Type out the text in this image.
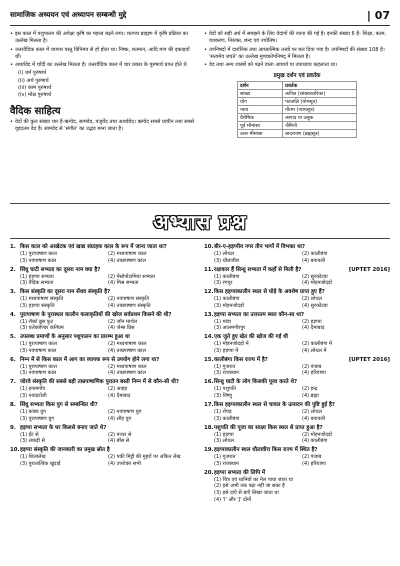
सामाजिक अध्ययन एवं अध्यापन सम्बन्धी मुद्दे	| 07

• इस काल में पशुपालन की अपेक्षा कृषि का महत्त्व बढ़ने लगा। शतपथ ब्राह्मण में कृषि प्रक्रिया का उल्लेख मिलता है।

• उत्तरवैदिक काल में व्यापार वस्तु विनिमय से हो होता था। निष्क, शतमान, आदि माप की इकाइयाँ थीं।

• अथर्ववेद में चाँदी का उल्लेख मिलता है। उत्तरवैदिक काल में चार प्रकार के पुरुषार्थ प्राप्त होते थे

(i) धर्म पुरुषार्थ
(ii) अर्थ पुरुषार्थ
(iii) काम पुरुषार्थ
(iv) मोक्ष पुरुषार्थ
वैदिक साहित्य

• वेदों की कुल संख्या चार है-ऋग्वेद, सामवेद, यजुर्वेद तथा अथर्ववेद। ऋग्वेद सबसे प्राचीन तथा सबसे वृहदतम वेद है। सामवेद से 'संगीत' का उद्भव माना जाता है।

• वेदों को सही अर्थ में समझने के लिए वेदांगों की रचना की गई है। इनकी संख्या 6 है- शिक्षा, कल्प, व्याकरण, निरुक्त, छन्द एवं ज्योतिष।

• उपनिषदों में दार्शनिक तथा आध्यात्मिक तत्त्वों पर बल दिया गया है। उपनिषदों की संख्या 108 है। 'सत्यमेव जयते' का उल्लेख मुण्डकोपनिषद् में मिलता है।

• वेद तथा अन्य शास्त्रों को पढ़ने वाला आचार्य या उपाध्याय कहलाता था।

प्रमुख दर्शन एवं प्रवर्तक
दर्शन	प्रवर्तक
सांख्य	कपिल (सांख्यकारिका)
योग	पतंजलि (योगसूत्र)
न्याय	गौतम (न्यायसूत्र)
वैशेषिक	कणाद या उलूक
पूर्व मीमांसा	जैमिनी
उत्तर मीमांसा	बादरायण (ब्रह्मसूत्र)
अभ्यास प्रश्न
1. किस काल को आखेटक एवं खाद्य संग्राहक काल के रूप में जाना जाता था?
(1) पुरापाषाण काल	(2) मध्यपाषाण काल
(3) नवपाषाण काल	(4) ताम्रपाषाण काल
2. सिंधु घाटी सभ्यता का दूसरा नाम क्या है?
(1) हड़प्पा सभ्यता	(2) मेसोपोटामिया सभ्यता
(3) वैदिक सभ्यता	(4) मिस्र सभ्यता
3. किस संस्कृति का दूसरा नाम सेंधव संस्कृति है?
(1) मध्यपाषाण संस्कृति	(2) नवपाषाण संस्कृति
(3) हड़प्पा संस्कृति	(4) ताम्रपाषाण संस्कृति
4. पुरापाषाण के पुरास्थल कालीन कलाकृतियों की खोज सर्वप्रथम किसने की थी?
(1) रॉबर्ट ब्रूस फुट	(2) जॉन मार्शल
(3) एलेक्जेण्डर कनिंघम	(4) जेम्स प्रिंस
5. उपलब्ध प्रमाणों के अनुसार पशुपालन का प्रारम्भ हुआ था
(1) पुरापाषाण काल	(2) मध्यपाषाण काल
(3) नवपाषाण काल	(4) ताम्रपाषाण काल
6. निम्न में से किस काल में आग का व्यापक रूप से उपयोग होने लगा था?
(1) पुरापाषाण काल	(2) मध्यपाषाण काल
(3) नवपाषाण काल	(4) ताम्रपाषाण काल
7. जोरवे संस्कृति की सबसे बड़ी ताम्रपाषाणिक पुरातन बस्ती निम्न में से कौन-सी थी?
(1) इनामगाँव	(2) आहड़
(3) नवदाटोली	(4) दैमाबाद
8. सिंधु सभ्यता किस युग से सम्बन्धित थी?
(1) कांस्य युग	(2) नवपाषाण युग
(3) पुरापाषाण युग	(4) लौह युग
9. हड़प्पा सभ्यता के घर किससे बनाए जाते थे?
(1) ईंट से	(2) पत्थर से
(3) लकड़ी से	(4) बाँस से
10. हड़प्पा संस्कृति की जानकारी का प्रमुख स्रोत है
(1) शिलालेख	(2) पकी मिट्टी की मुहरों पर अंकित लेख
(3) पुरातात्विक खुदाई	(4) उपरोक्त सभी
10. बीर-ए-हड़प्पीय नगर तीन भागों में विभक्त था?
(1) लोथल	(2) कालीबंगा
(3) धौलावीरा	(4) बनावली
11. रक्षाकार हैं सिन्धु सभ्यता में कहाँ से मिली है?	[UPTET 2016]
(1) कालीबंगा	(2) सुरकोटडा
(3) रंगपुर	(4) मोहनजोदड़ो
12. किस हड़प्पाकालीन स्थल से घोड़े के अवशेष प्राप्त हुए हैं?
(1) कालीबंगा	(2) लोथल
(3) मोहनजोदड़ो	(4) सुरकोटडा
13. हड़प्पा सभ्यता का उत्तरतम स्थल कौन-सा था?
(1) मांडा	(2) हड़प्पा
(3) आलमगीरपुर	(4) दैमाबाद
14. एक जुते हुए खेत की खोज की गई थी
(1) मोहनजोदड़ो में	(2) कालीबंगा में
(3) हड़प्पा में	(4) लोथल में
15. कालीबंगा किस राज्य में है?	[UPTET 2016]
(1) गुजरात	(2) पंजाब
(3) राजस्थान	(4) हरियाणा
16. सिन्धु घाटी के लोग किसकी पूजा करते थे?
(1) पशुपति	(2) इन्द्र
(3) विष्णु	(4) ब्रह्मा
17. किस हड़प्पाकालीन स्थल से चावल के उत्पादन की पुष्टि हुई है?
(1) रोपड़	(2) लोथल
(3) कालीबंगा	(4) बनावली
18. पशुपति की पूजा का साक्ष्य किस स्थल से प्राप्त हुआ है?
(1) हड़प्पा	(2) मोहनजोदड़ो
(3) लोथल	(4) कालीबंगा
19. हड़प्पाकालीन स्थल धौलावीरा किस राज्य में स्थित है?
(1) गुजरात	(2) पंजाब
(3) राजस्थान	(4) हरियाणा
20. हड़प्पा सभ्यता की लिपि में
(1) चित्र एवं ध्वनियों का मेल पाया जाता था
(2) इसे अभी तक पढ़ा नहीं जा सका है
(3) इसे दाएँ से बाएँ लिखा जाता था
(4) 'I' और 'J' दोनों
